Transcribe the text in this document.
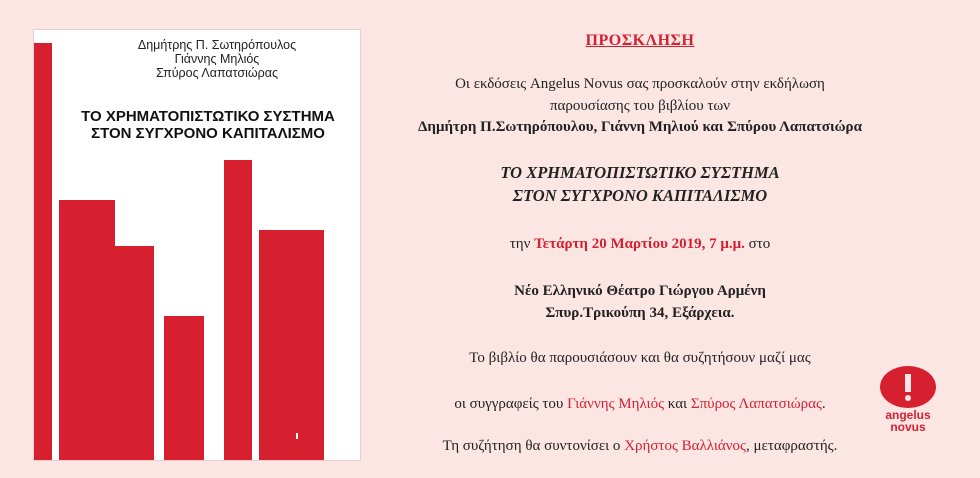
Δημήτρης Π. Σωτηρόπουλος
Γιάννης Μηλιός
Σπύρος Λαπατσιώρας
ΤΟ ΧΡΗΜΑΤΟΠΙΣΤΩΤΙΚΟ ΣΥΣΤΗΜΑ
ΣΤΟΝ ΣΥΓΧΡΟΝΟ ΚΑΠΙΤΑΛΙΣΜΟ
angelus
novus
ΠΡΟΣΚΛΗΣΗ
Οι εκδόσεις Angelus Novus σας προσκαλούν στην εκδήλωση
παρουσίασης του βιβλίου των
Δημήτρη Π.Σωτηρόπουλου, Γιάννη Μηλιού και Σπύρου Λαπατσιώρα
ΤΟ ΧΡΗΜΑΤΟΠΙΣΤΩΤΙΚΟ ΣΥΣΤΗΜΑ
ΣΤΟΝ ΣΥΓΧΡΟΝΟ ΚΑΠΙΤΑΛΙΣΜΟ
την Τετάρτη 20 Μαρτίου 2019, 7 μ.μ. στο
Νέο Ελληνικό Θέατρο Γιώργου Αρμένη
Σπυρ.Τρικούπη 34, Εξάρχεια.
Το βιβλίο θα παρουσιάσουν και θα συζητήσουν μαζί μας
οι συγγραφείς του Γιάννης Μηλιός και Σπύρος Λαπατσιώρας.
Τη συζήτηση θα συντονίσει ο Χρήστος Βαλλιάνος, μεταφραστής.
angelus
novus
